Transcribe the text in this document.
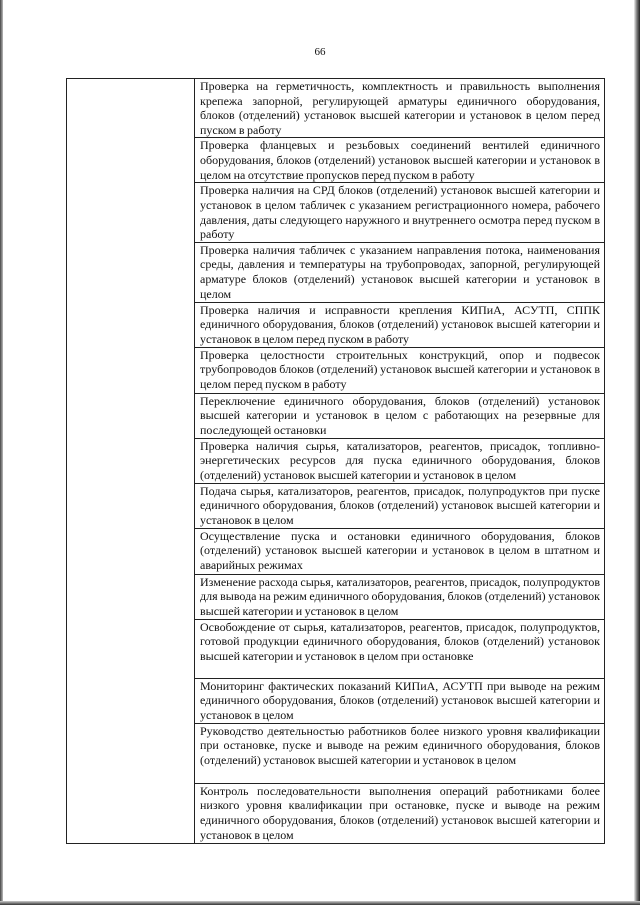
66

Проверка на герметичность, комплектность и правильность выполнения крепежа запорной, регулирующей арматуры единичного оборудования, блоков (отделений) установок высшей категории и установок в целом перед пуском в работу

Проверка фланцевых и резьбовых соединений вентилей единичного оборудования, блоков (отделений) установок высшей категории и установок в целом на отсутствие пропусков перед пуском в работу

Проверка наличия на СРД блоков (отделений) установок высшей категории и установок в целом табличек с указанием регистрационного номера, рабочего давления, даты следующего наружного и внутреннего осмотра перед пуском в работу

Проверка наличия табличек с указанием направления потока, наименования среды, давления и температуры на трубопроводах, запорной, регулирующей арматуре блоков (отделений) установок высшей категории и установок в целом

Проверка наличия и исправности крепления КИПиА, АСУТП, СППК единичного оборудования, блоков (отделений) установок высшей категории и установок в целом перед пуском в работу

Проверка целостности строительных конструкций, опор и подвесок трубопроводов блоков (отделений) установок высшей категории и установок в целом перед пуском в работу

Переключение единичного оборудования, блоков (отделений) установок высшей категории и установок в целом с работающих на резервные для последующей остановки

Проверка наличия сырья, катализаторов, реагентов, присадок, топливно-энергетических ресурсов для пуска единичного оборудования, блоков (отделений) установок высшей категории и установок в целом

Подача сырья, катализаторов, реагентов, присадок, полупродуктов при пуске единичного оборудования, блоков (отделений) установок высшей категории и установок в целом

Осуществление пуска и остановки единичного оборудования, блоков (отделений) установок высшей категории и установок в целом в штатном и аварийных режимах

Изменение расхода сырья, катализаторов, реагентов, присадок, полупродуктов для вывода на режим единичного оборудования, блоков (отделений) установок высшей категории и установок в целом

Освобождение от сырья, катализаторов, реагентов, присадок, полупродуктов, готовой продукции единичного оборудования, блоков (отделений) установок высшей категории и установок в целом при остановке

Мониторинг фактических показаний КИПиА, АСУТП при выводе на режим единичного оборудования, блоков (отделений) установок высшей категории и установок в целом

Руководство деятельностью работников более низкого уровня квалификации при остановке, пуске и выводе на режим единичного оборудования, блоков (отделений) установок высшей категории и установок в целом

Контроль последовательности выполнения операций работниками более низкого уровня квалификации при остановке, пуске и выводе на режим единичного оборудования, блоков (отделений) установок высшей категории и установок в целом
